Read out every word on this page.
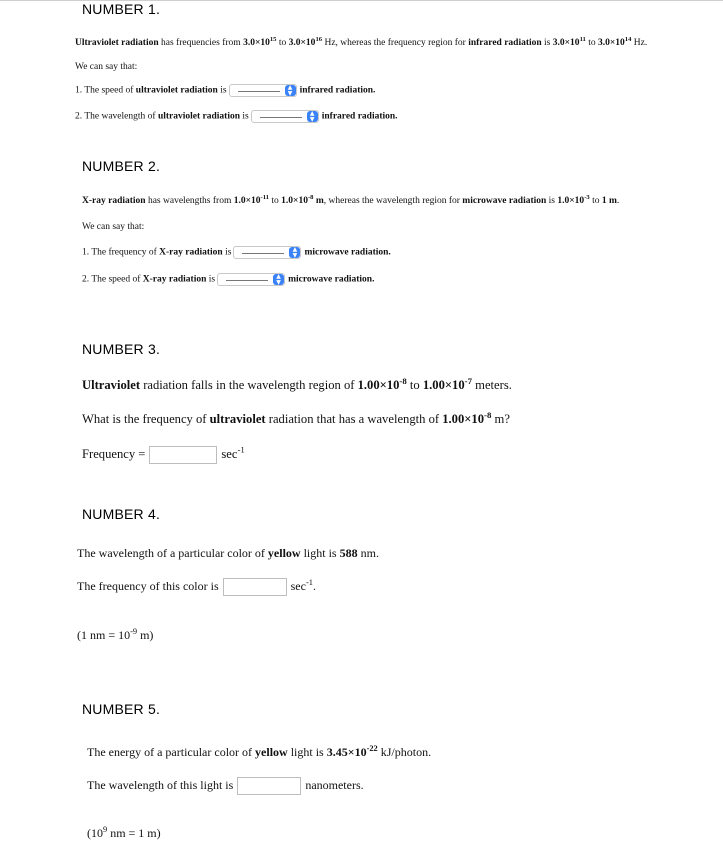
NUMBER 1.
Ultraviolet radiation has frequencies from $3.0\times 10^{15}$ to $3.0\times 10^{16}$ Hz, whereas the frequency region for infrared radiation is $3.0\times 10^{11}$ to $3.0\times 10^{14}$ Hz.
We can say that:
1. The speed of ultraviolet radiation is	▲
▼ infrared radiation.
2. The wavelength of ultraviolet radiation is	▲
▼ infrared radiation.
NUMBER 2.
X-ray radiation has wavelengths from $1.0\times 10^{-11}$ to $1.0\times 10^{-8}$ m, whereas the wavelength region for microwave radiation is $1.0\times 10^{-3}$ to 1 m.
We can say that:
1. The frequency of X-ray radiation is	▲
▼ microwave radiation.
2. The speed of X-ray radiation is	▲
▼ microwave radiation.
NUMBER 3.
Ultraviolet radiation falls in the wavelength region of $1.00\times 10^{-8}$ to $1.00\times 10^{-7}$ meters.
What is the frequency of ultraviolet radiation that has a wavelength of $1.00\times 10^{-8}$ m?
Frequency =	$\sec^{-1}$
NUMBER 4.
The wavelength of a particular color of yellow light is 588 nm.
The frequency of this color is	$\sec^{-1}$.
(1 nm = $10^{-9}$ m)
NUMBER 5.
The energy of a particular color of yellow light is $3.45\times 10^{-22}$ kJ/photon.
The wavelength of this light is	nanometers.
($10^9$ nm = 1 m)
